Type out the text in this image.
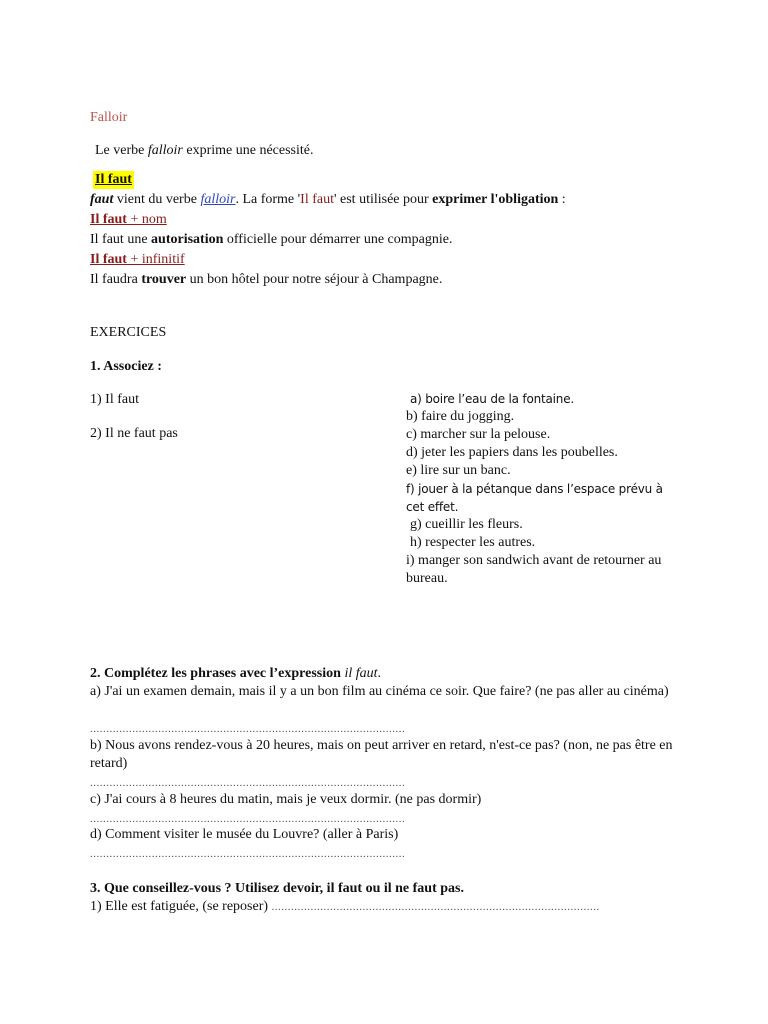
Falloir
Le verbe falloir exprime une nécessité.
Il faut
faut vient du verbe falloir. La forme 'Il faut' est utilisée pour exprimer l'obligation :
Il faut + nom
Il faut une autorisation officielle pour démarrer une compagnie.
Il faut + infinitif
Il faudra trouver un bon hôtel pour notre séjour à Champagne.
EXERCICES
1. Associez :
1) Il faut
2) Il ne faut pas
a) boire l’eau de la fontaine.
b) faire du jogging.
c) marcher sur la pelouse.
d) jeter les papiers dans les poubelles.
e) lire sur un banc.
f) jouer à la pétanque dans l’espace prévu à cet effet.
g) cueillir les fleurs.
h) respecter les autres.
i) manger son sandwich avant de retourner au bureau.
2. Complétez les phrases avec l’expression il faut.
a) J'ai un examen demain, mais il y a un bon film au cinéma ce soir. Que faire? (ne pas aller au cinéma)
.................................................................................................
b) Nous avons rendez-vous à 20 heures, mais on peut arriver en retard, n'est-ce pas? (non, ne pas être en retard)
.................................................................................................
c) J'ai cours à 8 heures du matin, mais je veux dormir. (ne pas dormir)
.................................................................................................
d) Comment visiter le musée du Louvre? (aller à Paris)
.................................................................................................
3. Que conseillez-vous ? Utilisez devoir, il faut ou il ne faut pas.
1) Elle est fatiguée, (se reposer) .....................................................................................................
